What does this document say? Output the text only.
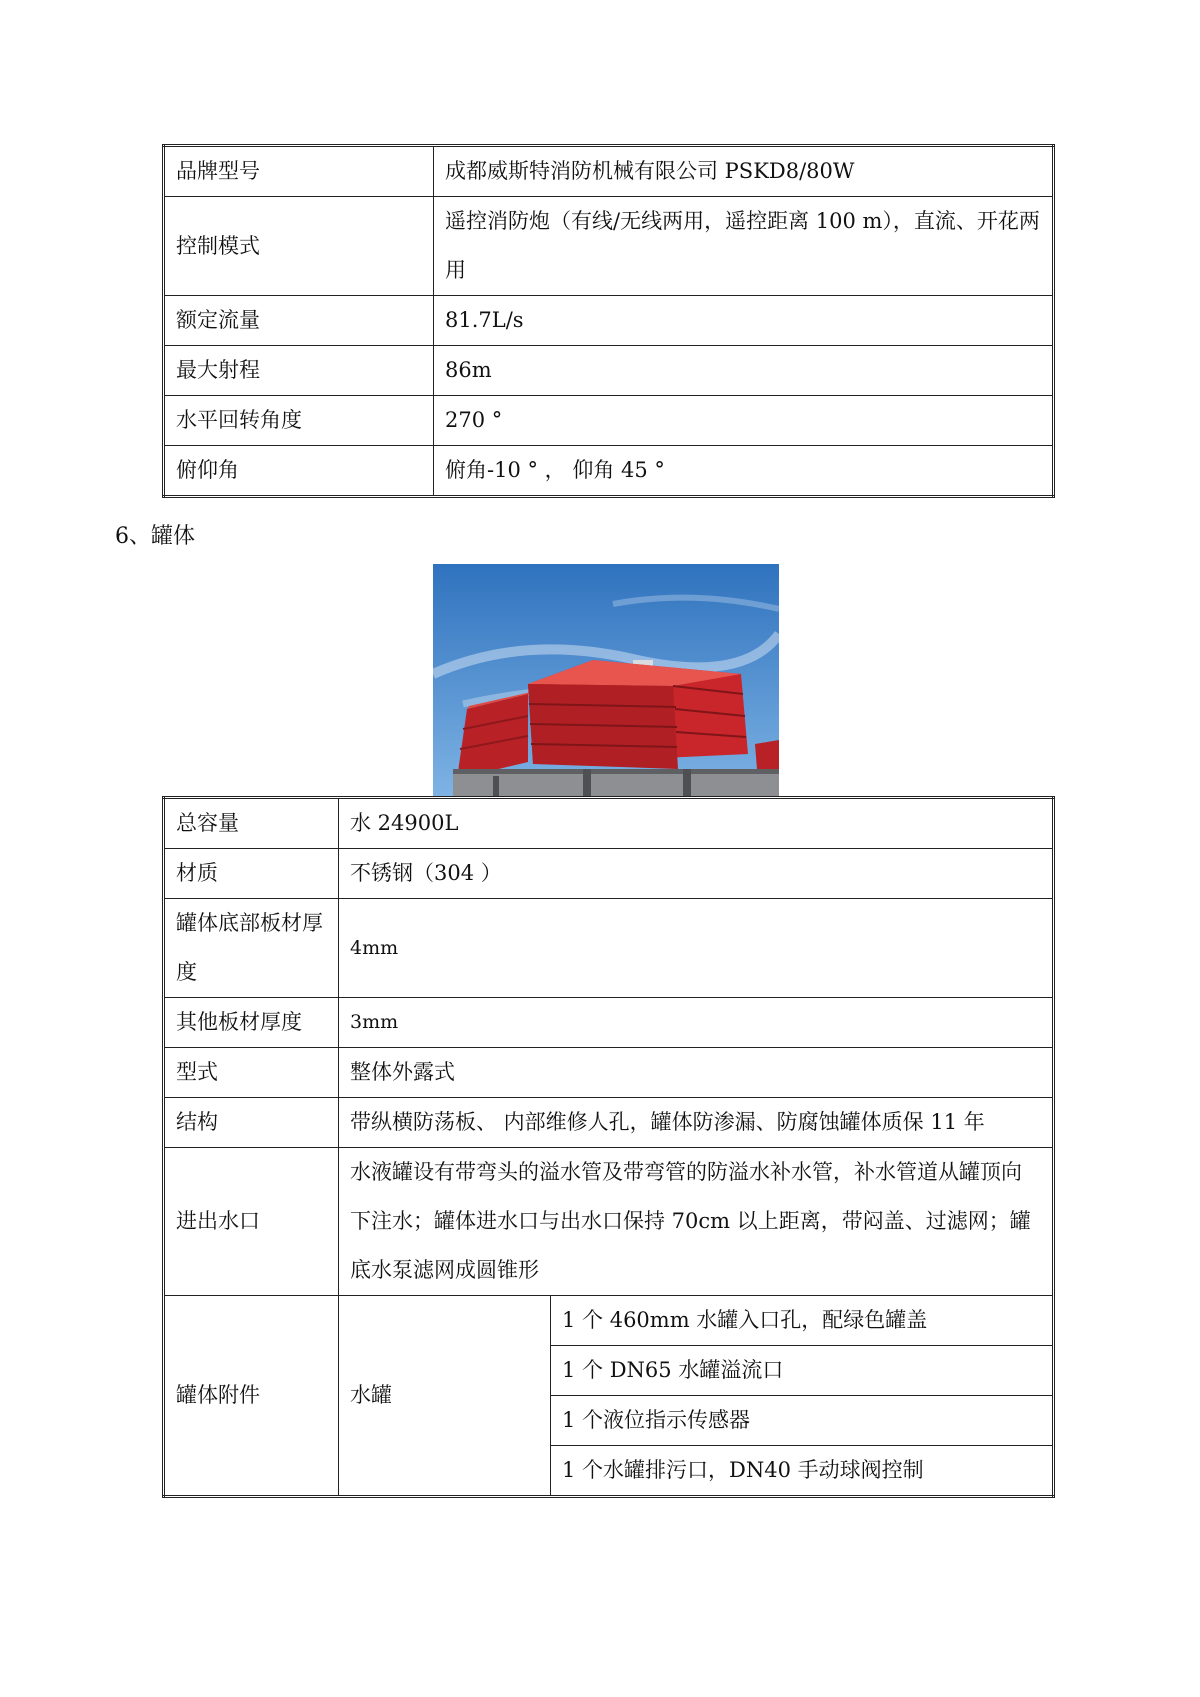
品牌型号	成都威斯特消防机械有限公司 PSKD8/80W
控制模式	遥控消防炮（有线/无线两用，遥控距离 100 m），直流、开花两用
额定流量	81.7L/s
最大射程	86m
水平回转角度	270 °
俯仰角	俯角-10 ° ， 仰角 45 °
6、罐体
总容量	水 24900L	
材质	不锈钢（304 ）	
罐体底部板材厚度	4mm	
其他板材厚度	3mm	
型式	整体外露式	
结构	带纵横防荡板、 内部维修人孔，罐体防渗漏、防腐蚀罐体质保 11 年	
进出水口	水液罐设有带弯头的溢水管及带弯管的防溢水补水管，补水管道从罐顶向下注水；罐体进水口与出水口保持 70cm 以上距离，带闷盖、过滤网；罐底水泵滤网成圆锥形	
罐体附件	水罐	1 个 460mm 水罐入口孔，配绿色罐盖
		1 个 DN65 水罐溢流口
		1 个液位指示传感器
		1 个水罐排污口，DN40 手动球阀控制
